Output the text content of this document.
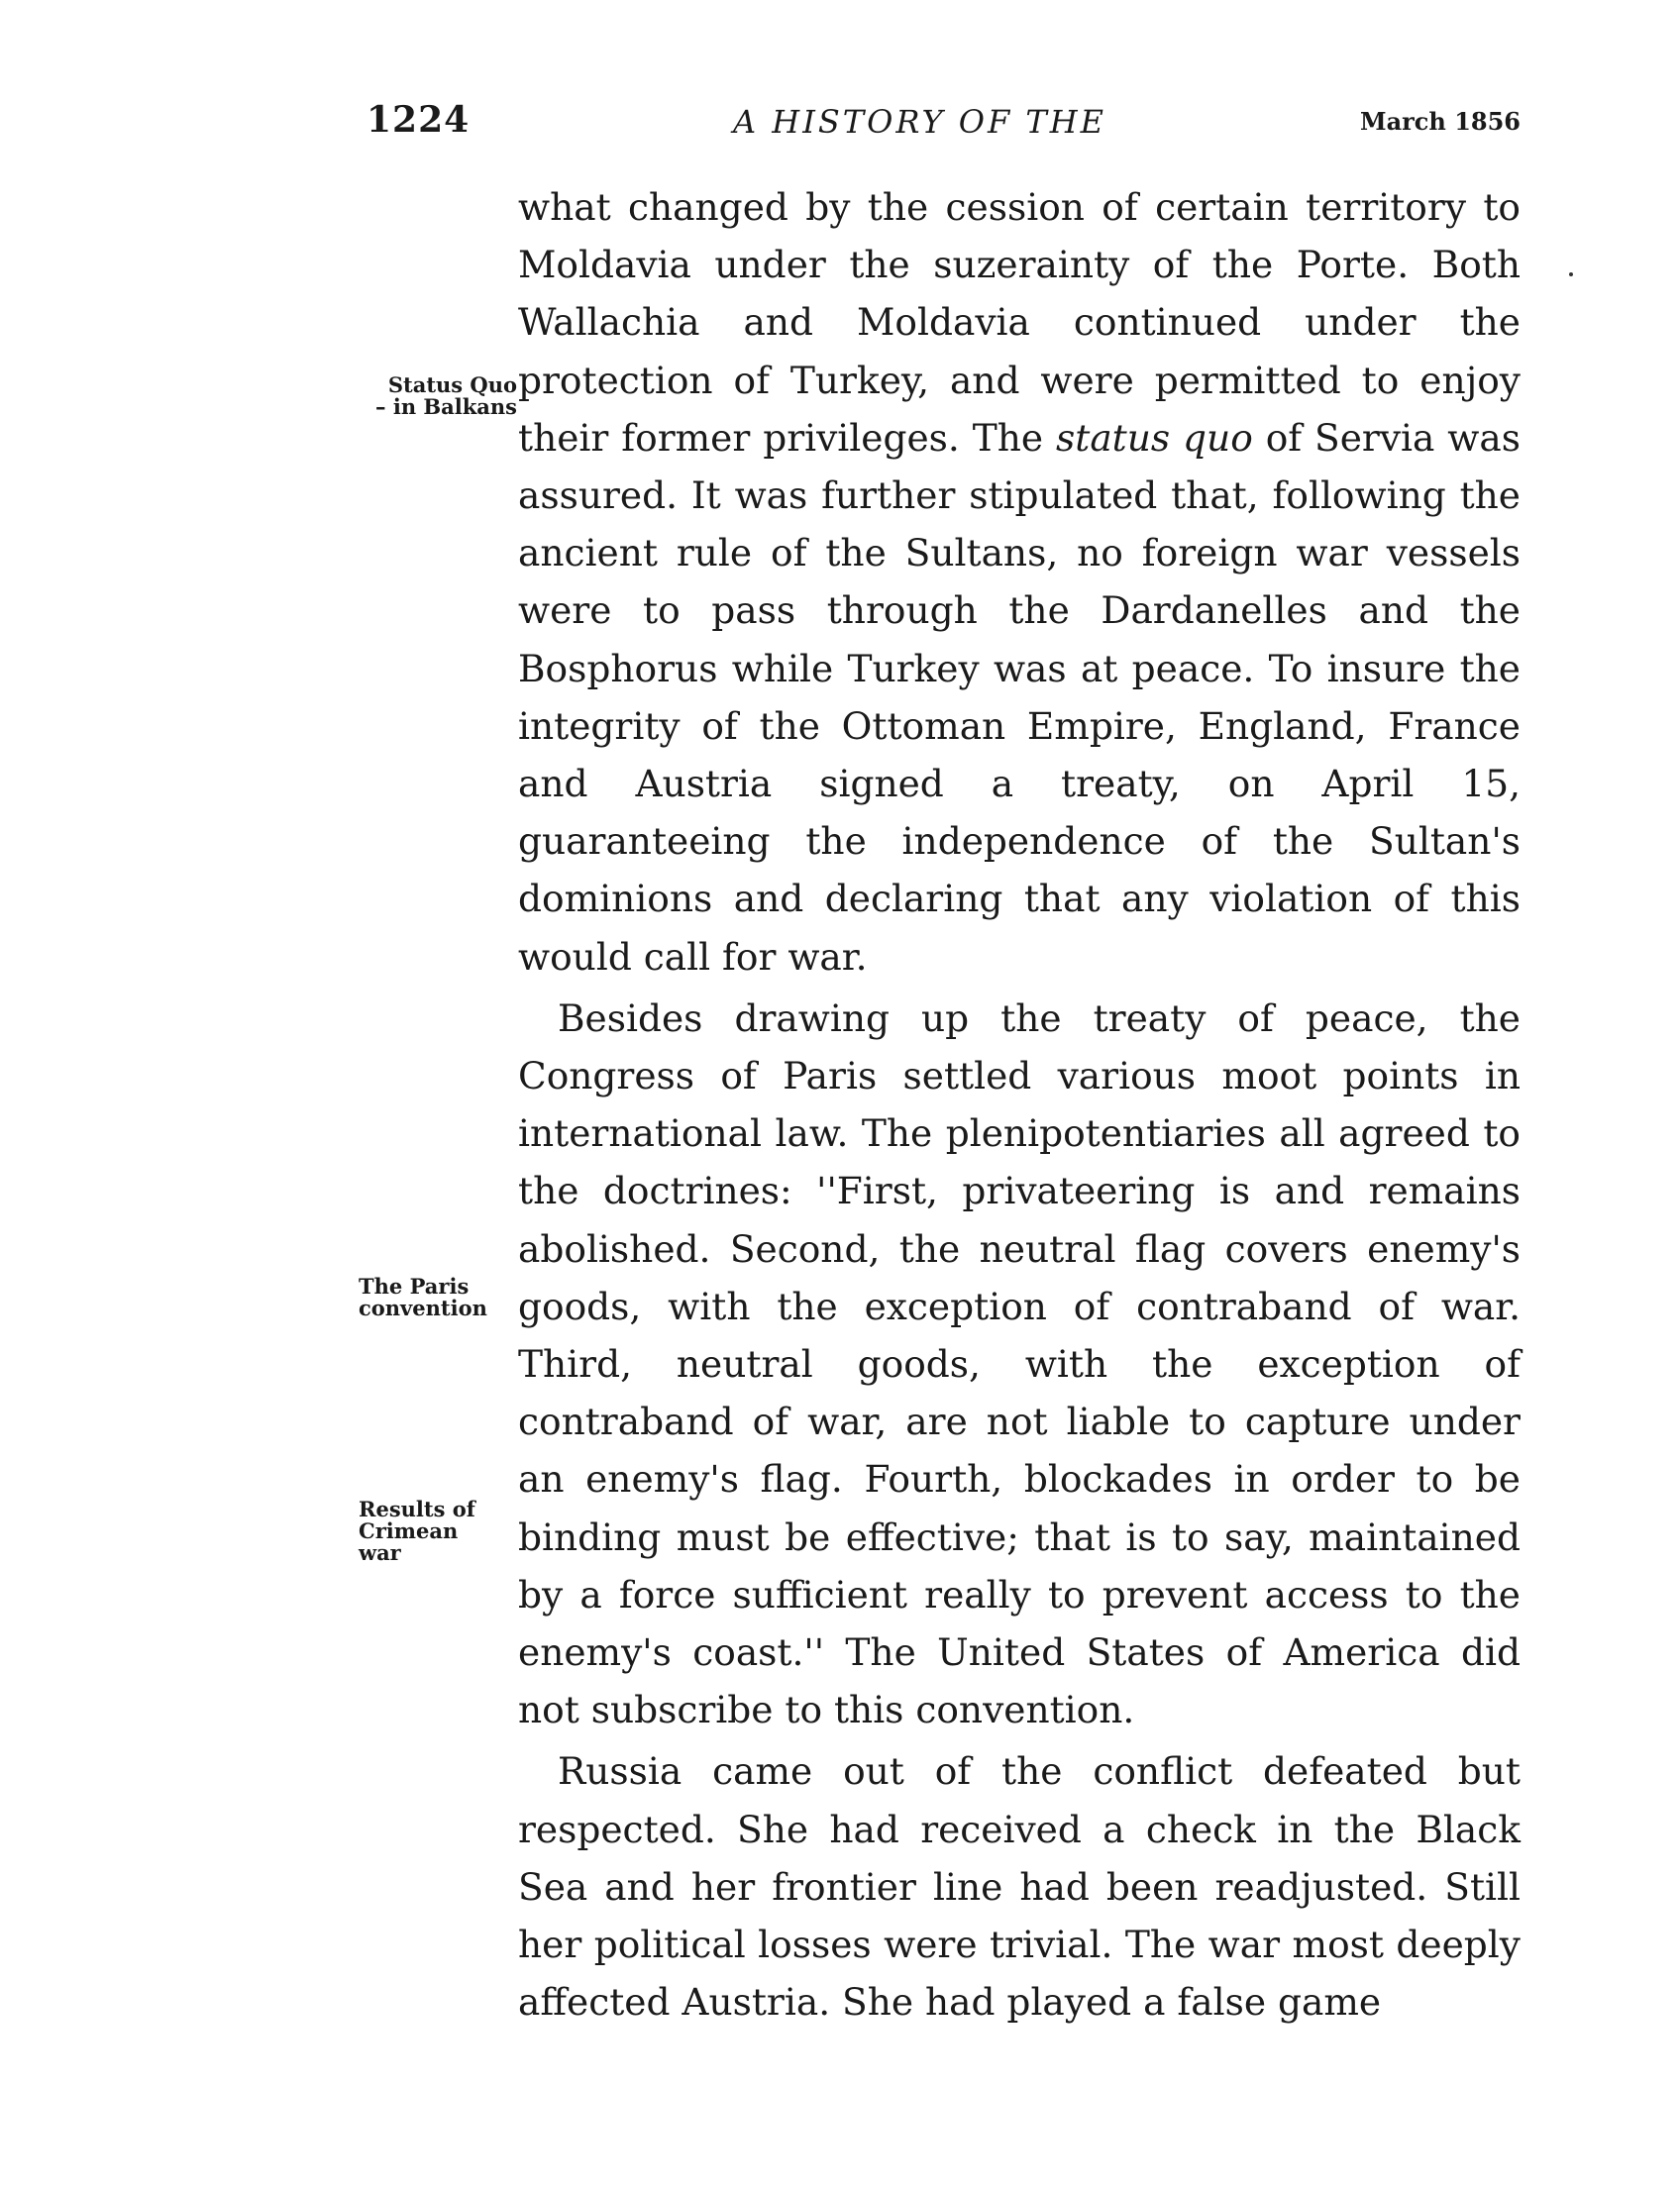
1224	A HISTORY OF THE	March 1856
Status Quo
– in Balkans
The Paris
convention
Results of
Crimean
war

what changed by the cession of certain territory to Moldavia under the suzerainty of the Porte. Both Wallachia and Moldavia continued under the protection of Turkey, and were permitted to enjoy their former privileges. The status quo of Servia was assured. It was further stipulated that, following the ancient rule of the Sultans, no foreign war vessels were to pass through the Dardanelles and the Bosphorus while Turkey was at peace. To insure the integrity of the Ottoman Empire, England, France and Austria signed a treaty, on April 15, guaranteeing the independence of the Sultan's dominions and declaring that any violation of this would call for war.

Besides drawing up the treaty of peace, the Congress of Paris settled various moot points in international law. The plenipotentiaries all agreed to the doctrines: ''First, privateering is and remains abolished. Second, the neutral flag covers enemy's goods, with the exception of contraband of war. Third, neutral goods, with the exception of contraband of war, are not liable to capture under an enemy's flag. Fourth, blockades in order to be binding must be effective; that is to say, maintained by a force sufficient really to prevent access to the enemy's coast.'' The United States of America did not subscribe to this convention.

Russia came out of the conflict defeated but respected. She had received a check in the Black Sea and her frontier line had been readjusted. Still her political losses were trivial. The war most deeply affected Austria. She had played a false game
